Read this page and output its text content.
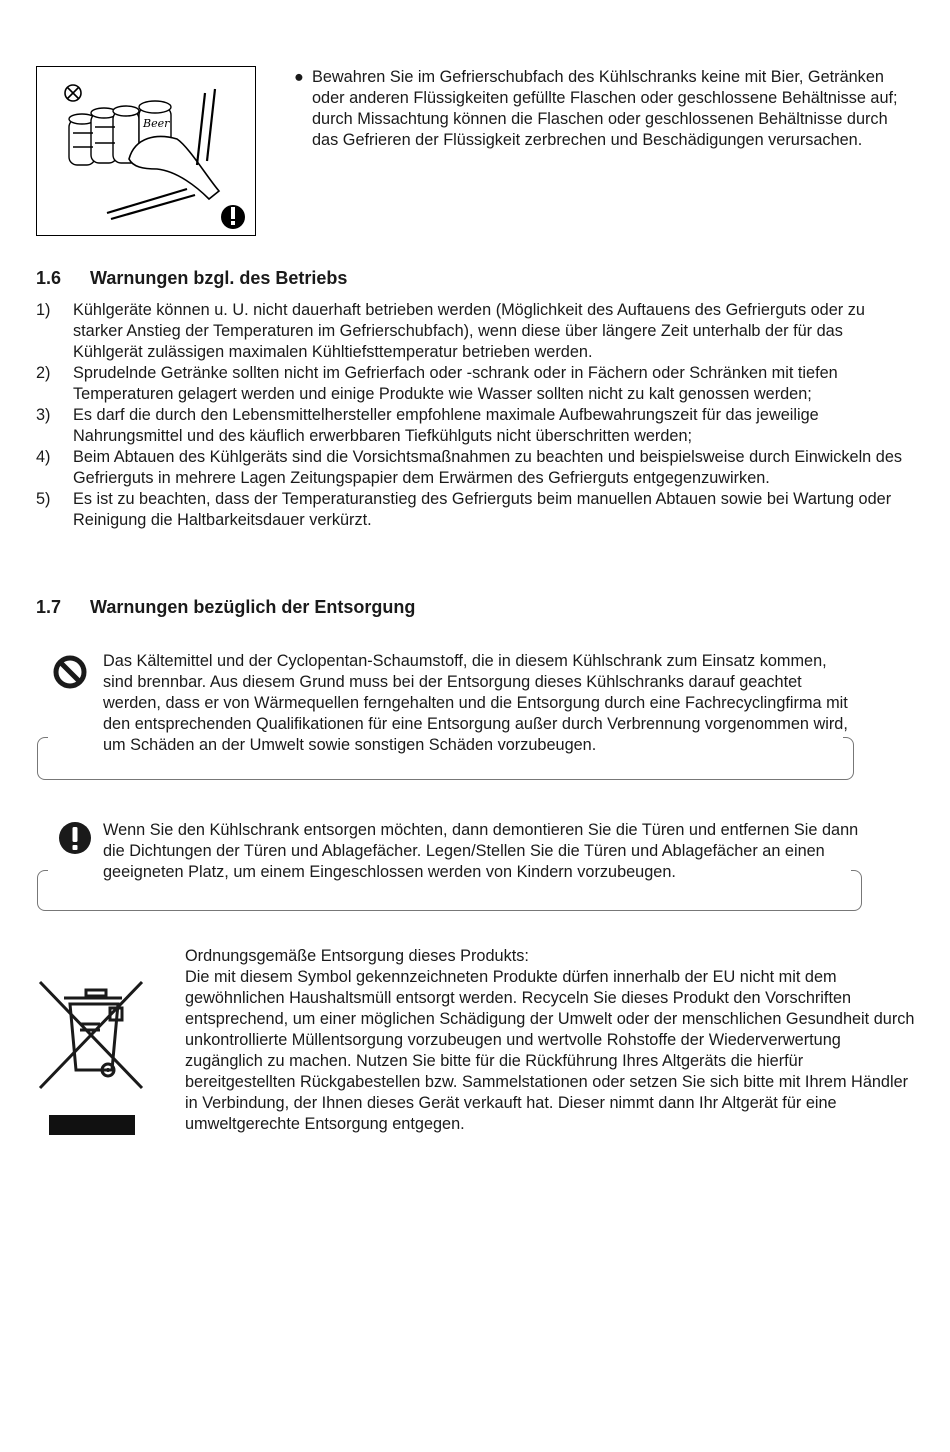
Beer
● Bewahren Sie im Gefrierschubfach des Kühlschranks keine mit Bier, Getränken oder anderen Flüssigkeiten gefüllte Flaschen oder geschlossene Behältnisse auf; durch Missachtung können die Flaschen oder geschlossenen Behältnisse durch das Gefrieren der Flüssigkeit zerbrechen und Beschädigungen verursachen.
1.6 Warnungen bzgl. des Betriebs
1) Kühlgeräte können u. U. nicht dauerhaft betrieben werden (Möglichkeit des Auftauens des Gefrierguts oder zu starker Anstieg der Temperaturen im Gefrierschubfach), wenn diese über längere Zeit unterhalb der für das Kühlgerät zulässigen maximalen Kühltiefsttemperatur betrieben werden.
2) Sprudelnde Getränke sollten nicht im Gefrierfach oder -schrank oder in Fächern oder Schränken mit tiefen Temperaturen gelagert werden und einige Produkte wie Wasser sollten nicht zu kalt genossen werden;
3) Es darf die durch den Lebensmittelhersteller empfohlene maximale Aufbewahrungszeit für das jeweilige Nahrungsmittel und des käuflich erwerbbaren Tiefkühlguts nicht überschritten werden;
4) Beim Abtauen des Kühlgeräts sind die Vorsichtsmaßnahmen zu beachten und beispielsweise durch Einwickeln des Gefrierguts in mehrere Lagen Zeitungspapier dem Erwärmen des Gefrierguts entgegenzuwirken.
5) Es ist zu beachten, dass der Temperaturanstieg des Gefrierguts beim manuellen Abtauen sowie bei Wartung oder Reinigung die Haltbarkeitsdauer verkürzt.
1.7 Warnungen bezüglich der Entsorgung
Das Kältemittel und der Cyclopentan-Schaumstoff, die in diesem Kühlschrank zum Einsatz kommen, sind brennbar. Aus diesem Grund muss bei der Entsorgung dieses Kühlschranks darauf geachtet werden, dass er von Wärmequellen ferngehalten und die Entsorgung durch eine Fachrecyclingfirma mit den entsprechenden Qualifikationen für eine Entsorgung außer durch Verbrennung vorgenommen wird, um Schäden an der Umwelt sowie sonstigen Schäden vorzubeugen.
Wenn Sie den Kühlschrank entsorgen möchten, dann demontieren Sie die Türen und entfernen Sie dann die Dichtungen der Türen und Ablagefächer. Legen/Stellen Sie die Türen und Ablagefächer an einen geeigneten Platz, um einem Eingeschlossen werden von Kindern vorzubeugen.
Ordnungsgemäße Entsorgung dieses Produkts:
Die mit diesem Symbol gekennzeichneten Produkte dürfen innerhalb der EU nicht mit dem gewöhnlichen Haushaltsmüll entsorgt werden. Recyceln Sie dieses Produkt den Vorschriften entsprechend, um einer möglichen Schädigung der Umwelt oder der menschlichen Gesundheit durch unkontrollierte Müllentsorgung vorzubeugen und wertvolle Rohstoffe der Wiederverwertung zugänglich zu machen. Nutzen Sie bitte für die Rückführung Ihres Altgeräts die hierfür bereitgestellten Rückgabestellen bzw. Sammelstationen oder setzen Sie sich bitte mit Ihrem Händler in Verbindung, der Ihnen dieses Gerät verkauft hat. Dieser nimmt dann Ihr Altgerät für eine umweltgerechte Entsorgung entgegen.
